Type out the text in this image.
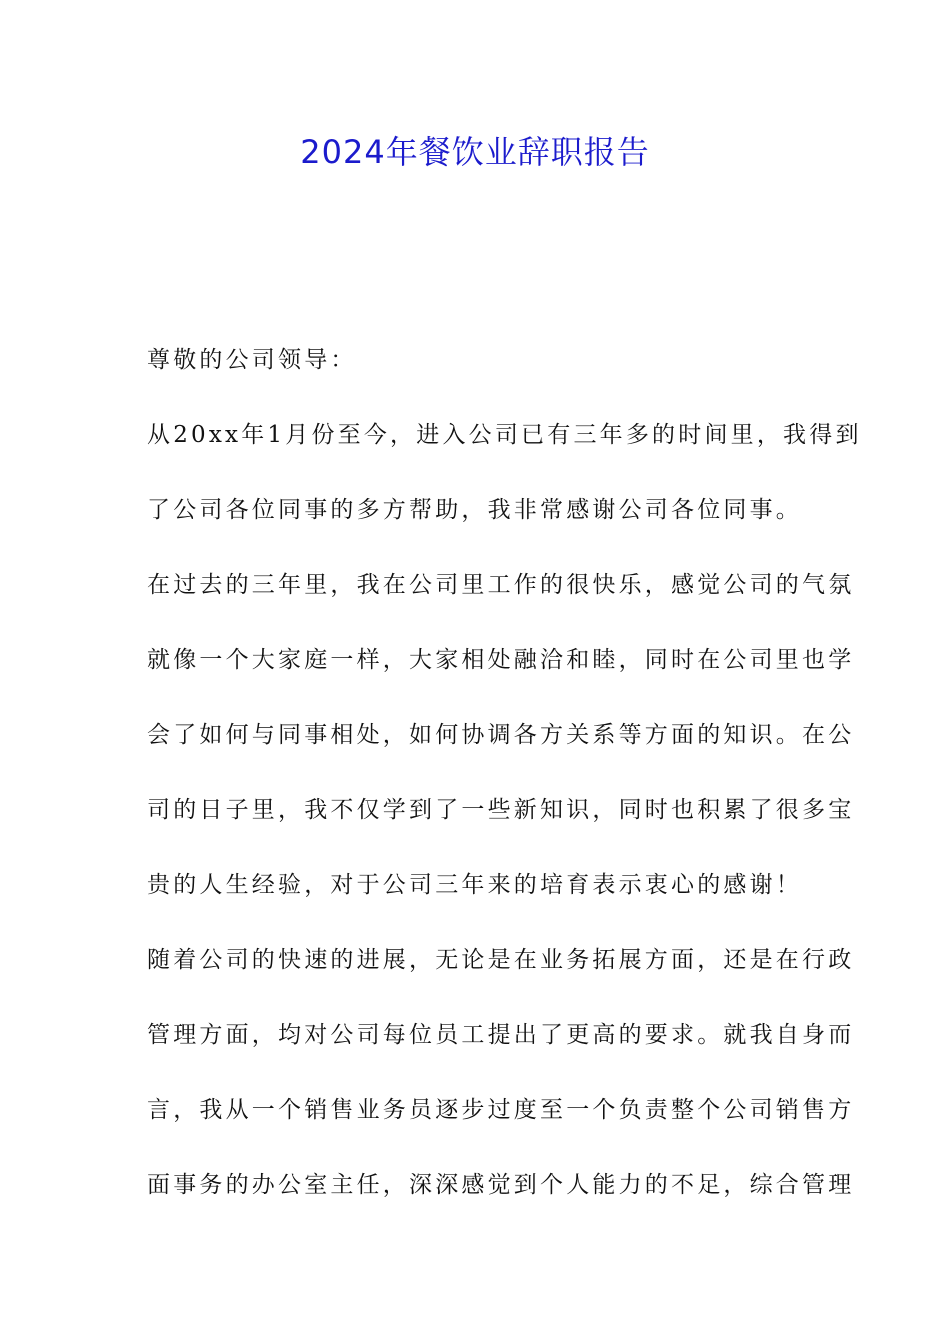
2024年餐饮业辞职报告
尊敬的公司领导：
从20xx年1月份至今，进入公司已有三年多的时间里，我得到
了公司各位同事的多方帮助，我非常感谢公司各位同事。
在过去的三年里，我在公司里工作的很快乐，感觉公司的气氛
就像一个大家庭一样，大家相处融洽和睦，同时在公司里也学
会了如何与同事相处，如何协调各方关系等方面的知识。在公
司的日子里，我不仅学到了一些新知识，同时也积累了很多宝
贵的人生经验，对于公司三年来的培育表示衷心的感谢！
随着公司的快速的进展，无论是在业务拓展方面，还是在行政
管理方面，均对公司每位员工提出了更高的要求。就我自身而
言，我从一个销售业务员逐步过度至一个负责整个公司销售方
面事务的办公室主任，深深感觉到个人能力的不足，综合管理
